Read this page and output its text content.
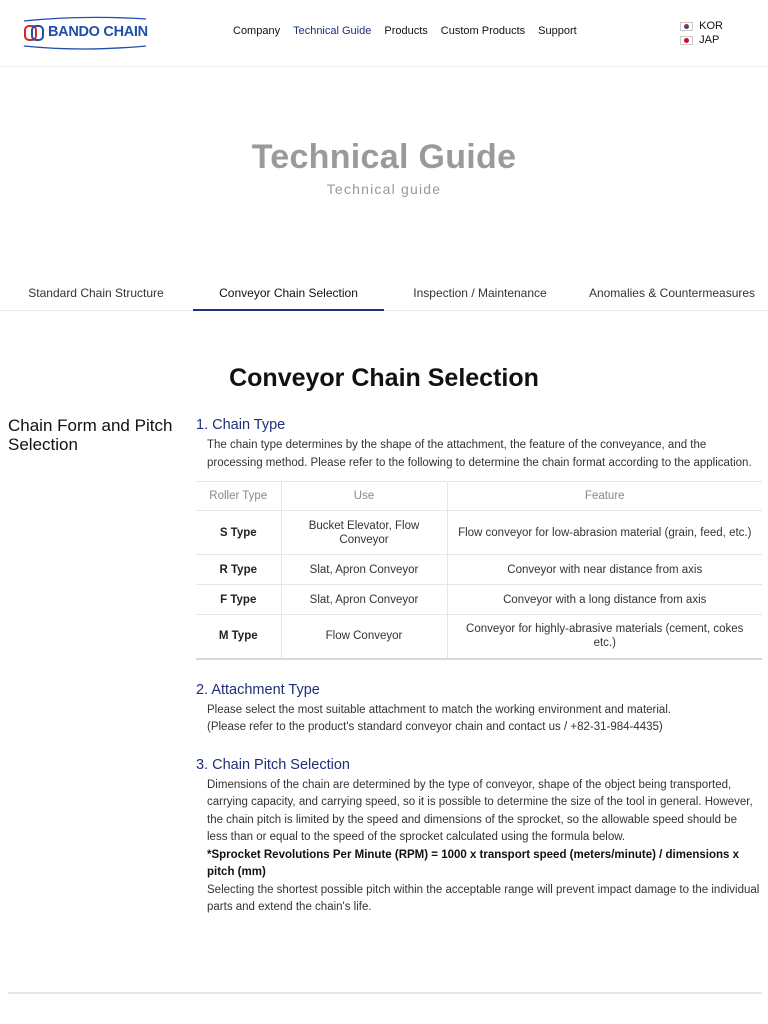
BANDO CHAIN	Company Technical Guide Products Custom Products Support	KOR
JAP
Technical Guide
Technical guide
Standard Chain Structure	Conveyor Chain Selection	Inspection / Maintenance	Anomalies & Countermeasures
Conveyor Chain Selection
Chain Form and Pitch Selection
1. Chain Type
The chain type determines by the shape of the attachment, the feature of the conveyance, and the processing method. Please refer to the following to determine the chain format according to the application.
Roller Type	Use	Feature
S Type	Bucket Elevator, Flow Conveyor	Flow conveyor for low-abrasion material (grain, feed, etc.)
R Type	Slat, Apron Conveyor	Conveyor with near distance from axis
F Type	Slat, Apron Conveyor	Conveyor with a long distance from axis
M Type	Flow Conveyor	Conveyor for highly-abrasive materials (cement, cokes etc.)
2. Attachment Type
Please select the most suitable attachment to match the working environment and material.
(Please refer to the product's standard conveyor chain and contact us / +82-31-984-4435)
3. Chain Pitch Selection
Dimensions of the chain are determined by the type of conveyor, shape of the object being transported, carrying capacity, and carrying speed, so it is possible to determine the size of the tool in general. However, the chain pitch is limited by the speed and dimensions of the sprocket, so the allowable speed should be less than or equal to the speed of the sprocket calculated using the formula below.
*Sprocket Revolutions Per Minute (RPM) = 1000 x transport speed (meters/minute) / dimensions x pitch (mm)
Selecting the shortest possible pitch within the acceptable range will prevent impact damage to the individual parts and extend the chain's life.
